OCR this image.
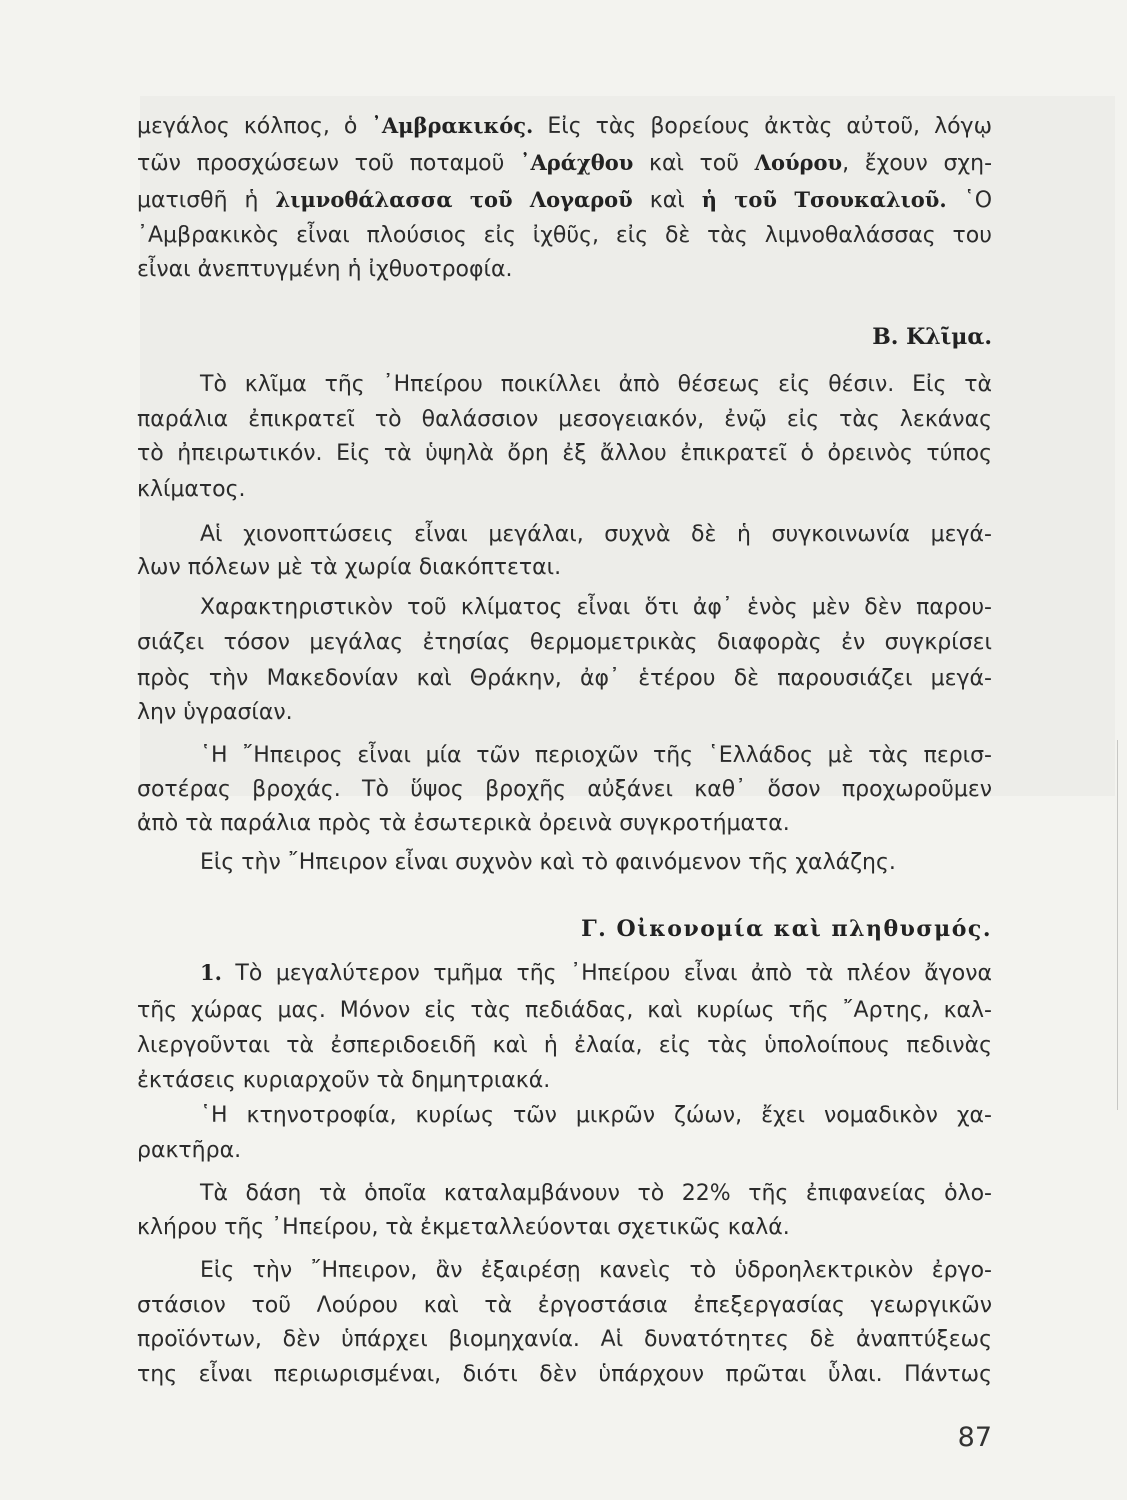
μεγάλος κόλπος, ὁ ᾿Αμβρακικός. Εἰς τὰς βορείους ἀκτὰς αὐτοῦ, λόγῳ
τῶν προσχώσεων τοῦ ποταμοῦ ᾿Αράχθου καὶ τοῦ Λούρου, ἔχουν σχη-
ματισθῆ ἡ λιμνοθάλασσα τοῦ Λογαροῦ καὶ ἡ τοῦ Τσουκαλιοῦ. ῾Ο
᾿Αμβρακικὸς εἶναι πλούσιος εἰς ἰχθῦς, εἰς δὲ τὰς λιμνοθαλάσσας του
εἶναι ἀνεπτυγμένη ἡ ἰχθυοτροφία.
Β. Κλῖμα.
Τὸ κλῖμα τῆς ᾿Ηπείρου ποικίλλει ἀπὸ θέσεως εἰς θέσιν. Εἰς τὰ
παράλια ἐπικρατεῖ τὸ θαλάσσιον μεσογειακόν, ἐνῷ εἰς τὰς λεκάνας
τὸ ἠπειρωτικόν. Εἰς τὰ ὑψηλὰ ὄρη ἐξ ἄλλου ἐπικρατεῖ ὁ ὀρεινὸς τύπος
κλίματος.
Αἱ χιονοπτώσεις εἶναι μεγάλαι, συχνὰ δὲ ἡ συγκοινωνία μεγά-
λων πόλεων μὲ τὰ χωρία διακόπτεται.
Χαρακτηριστικὸν τοῦ κλίματος εἶναι ὅτι ἀφ᾿ ἑνὸς μὲν δὲν παρου-
σιάζει τόσον μεγάλας ἐτησίας θερμομετρικὰς διαφορὰς ἐν συγκρίσει
πρὸς τὴν Μακεδονίαν καὶ Θράκην, ἀφ᾿ ἑτέρου δὲ παρουσιάζει μεγά-
λην ὑγρασίαν.
῾Η ῎Ηπειρος εἶναι μία τῶν περιοχῶν τῆς ῾Ελλάδος μὲ τὰς περισ-
σοτέρας βροχάς. Τὸ ὕψος βροχῆς αὐξάνει καθ᾿ ὅσον προχωροῦμεν
ἀπὸ τὰ παράλια πρὸς τὰ ἐσωτερικὰ ὀρεινὰ συγκροτήματα.
Εἰς τὴν ῎Ηπειρον εἶναι συχνὸν καὶ τὸ φαινόμενον τῆς χαλάζης.
Γ. Οἰκονομία καὶ πληθυσμός.
1. Τὸ μεγαλύτερον τμῆμα τῆς ᾿Ηπείρου εἶναι ἀπὸ τὰ πλέον ἄγονα
τῆς χώρας μας. Μόνον εἰς τὰς πεδιάδας, καὶ κυρίως τῆς ῎Αρτης, καλ-
λιεργοῦνται τὰ ἐσπεριδοειδῆ καὶ ἡ ἐλαία, εἰς τὰς ὑπολοίπους πεδινὰς
ἐκτάσεις κυριαρχοῦν τὰ δημητριακά.
῾Η κτηνοτροφία, κυρίως τῶν μικρῶν ζώων, ἔχει νομαδικὸν χα-
ρακτῆρα.
Τὰ δάση τὰ ὁποῖα καταλαμβάνουν τὸ 22% τῆς ἐπιφανείας ὁλο-
κλήρου τῆς ᾿Ηπείρου, τὰ ἐκμεταλλεύονται σχετικῶς καλά.
Εἰς τὴν ῎Ηπειρον, ἂν ἐξαιρέσῃ κανεὶς τὸ ὑδροηλεκτρικὸν ἐργο-
στάσιον τοῦ Λούρου καὶ τὰ ἐργοστάσια ἐπεξεργασίας γεωργικῶν
προϊόντων, δὲν ὑπάρχει βιομηχανία. Αἱ δυνατότητες δὲ ἀναπτύξεως
της εἶναι περιωρισμέναι, διότι δὲν ὑπάρχουν πρῶται ὗλαι. Πάντως
87
